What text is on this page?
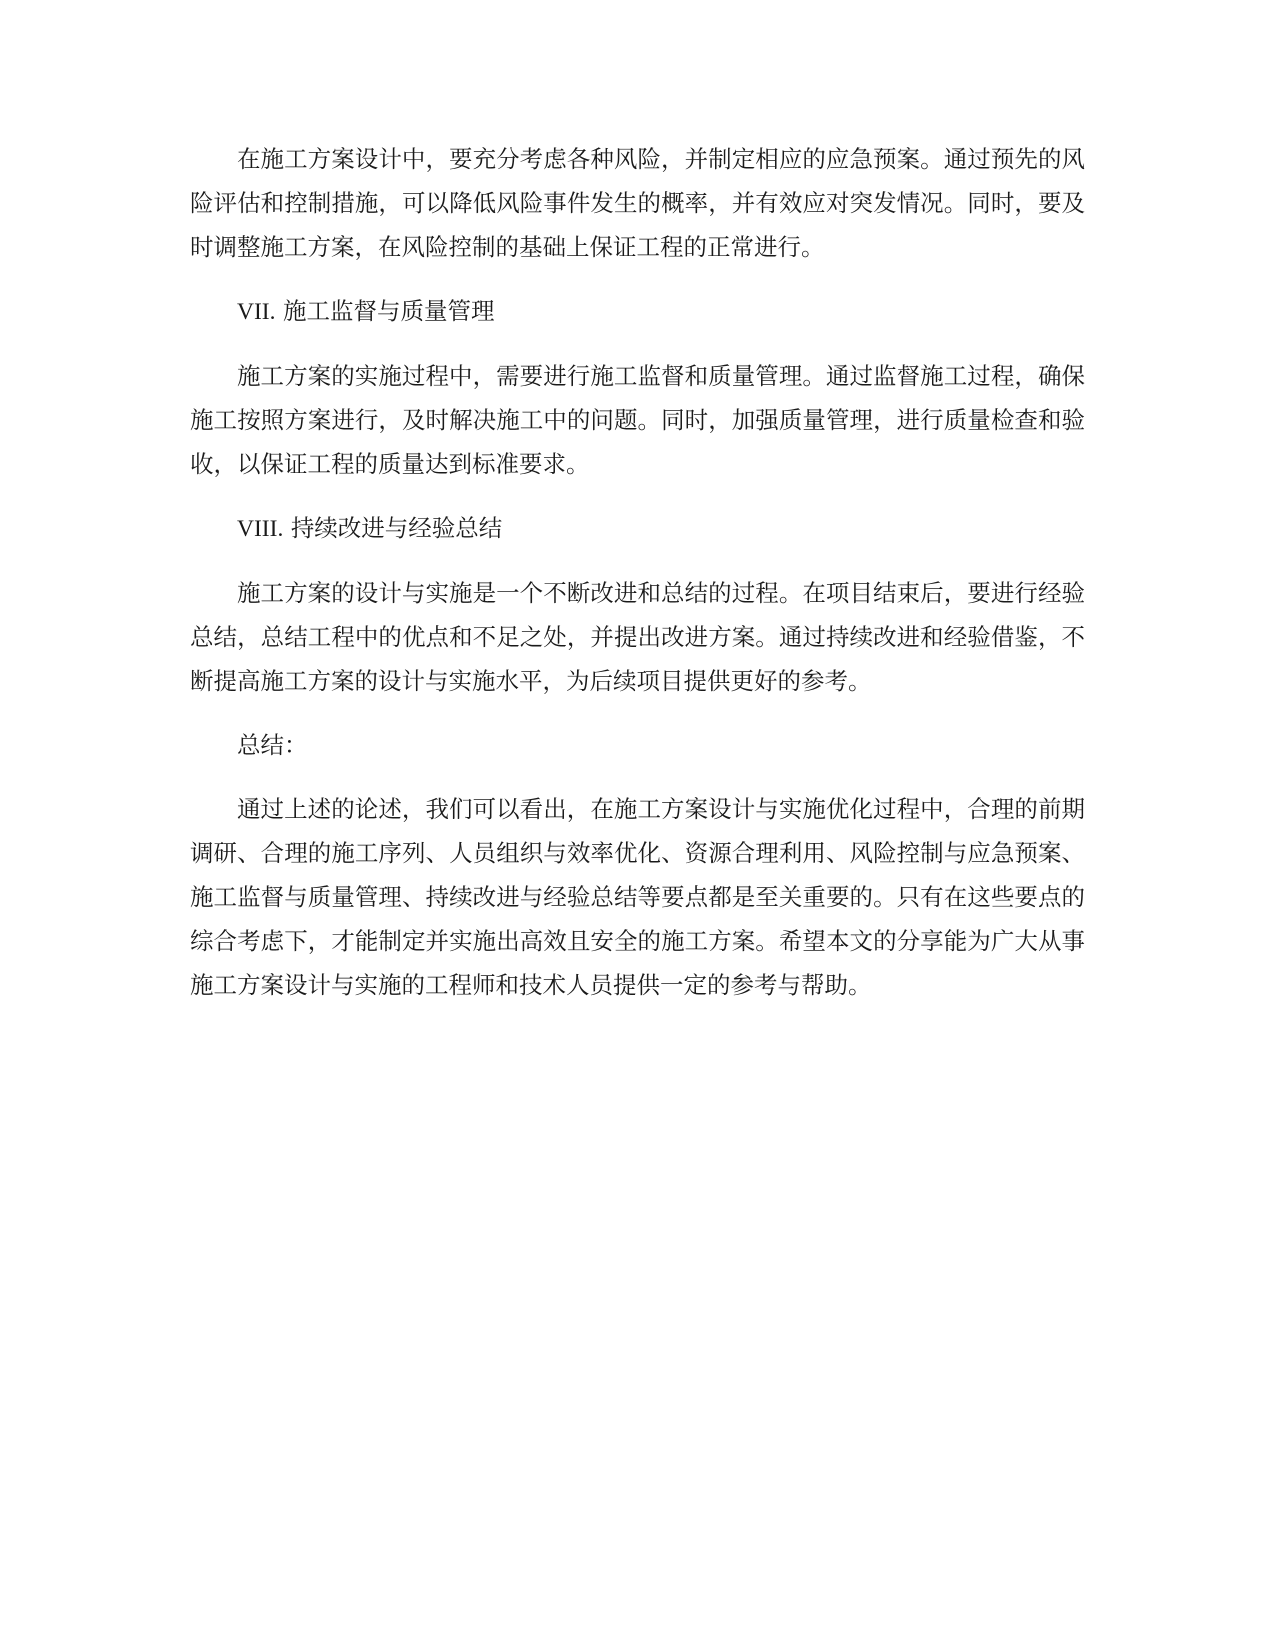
在施工方案设计中，要充分考虑各种风险，并制定相应的应急预案。通过预先的风险评估和控制措施，可以降低风险事件发生的概率，并有效应对突发情况。同时，要及时调整施工方案，在风险控制的基础上保证工程的正常进行。

VII. 施工监督与质量管理

施工方案的实施过程中，需要进行施工监督和质量管理。通过监督施工过程，确保施工按照方案进行，及时解决施工中的问题。同时，加强质量管理，进行质量检查和验收，以保证工程的质量达到标准要求。

VIII. 持续改进与经验总结

施工方案的设计与实施是一个不断改进和总结的过程。在项目结束后，要进行经验总结，总结工程中的优点和不足之处，并提出改进方案。通过持续改进和经验借鉴，不断提高施工方案的设计与实施水平，为后续项目提供更好的参考。

总结：

通过上述的论述，我们可以看出，在施工方案设计与实施优化过程中，合理的前期调研、合理的施工序列、人员组织与效率优化、资源合理利用、风险控制与应急预案、施工监督与质量管理、持续改进与经验总结等要点都是至关重要的。只有在这些要点的综合考虑下，才能制定并实施出高效且安全的施工方案。希望本文的分享能为广大从事施工方案设计与实施的工程师和技术人员提供一定的参考与帮助。
